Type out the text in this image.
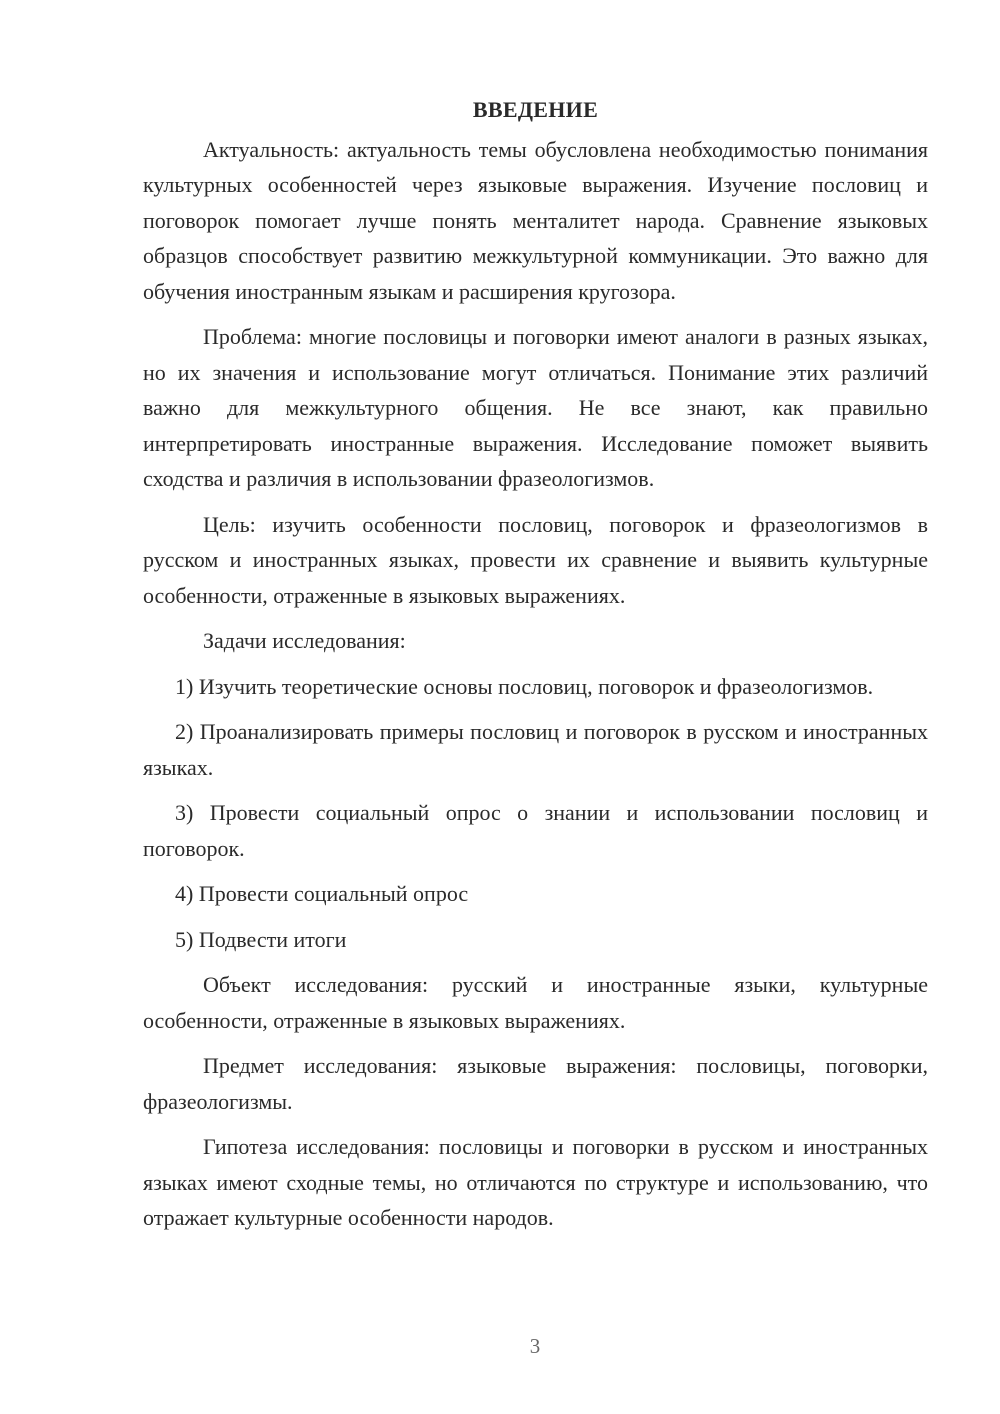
ВВЕДЕНИЕ

Актуальность: актуальность темы обусловлена необходимостью понимания культурных особенностей через языковые выражения. Изучение пословиц и поговорок помогает лучше понять менталитет народа. Сравнение языковых образцов способствует развитию межкультурной коммуникации. Это важно для обучения иностранным языкам и расширения кругозора.

Проблема: многие пословицы и поговорки имеют аналоги в разных языках, но их значения и использование могут отличаться. Понимание этих различий важно для межкультурного общения. Не все знают, как правильно интерпретировать иностранные выражения. Исследование поможет выявить сходства и различия в использовании фразеологизмов.

Цель: изучить особенности пословиц, поговорок и фразеологизмов в русском и иностранных языках, провести их сравнение и выявить культурные особенности, отраженные в языковых выражениях.

Задачи исследования:

1) Изучить теоретические основы пословиц, поговорок и фразеологизмов.

2) Проанализировать примеры пословиц и поговорок в русском и иностранных языках.

3) Провести социальный опрос о знании и использовании пословиц и поговорок.

4) Провести социальный опрос

5) Подвести итоги

Объект исследования: русский и иностранные языки, культурные особенности, отраженные в языковых выражениях.

Предмет исследования: языковые выражения: пословицы, поговорки, фразеологизмы.

Гипотеза исследования: пословицы и поговорки в русском и иностранных языках имеют сходные темы, но отличаются по структуре и использованию, что отражает культурные особенности народов.

3
